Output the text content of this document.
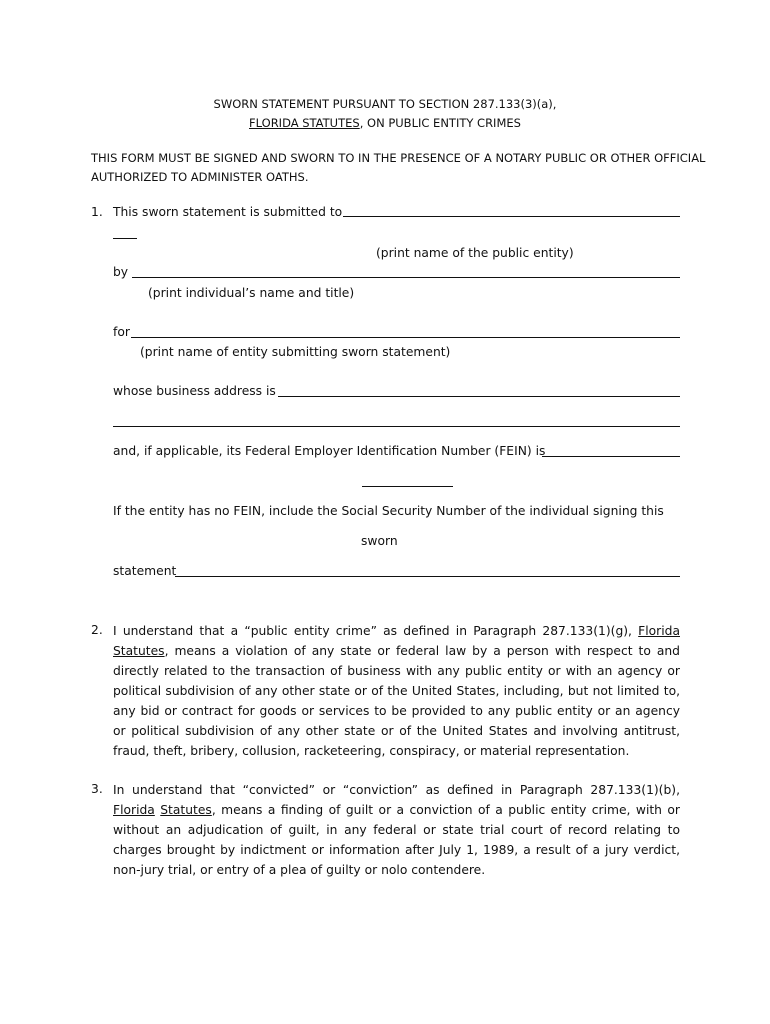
SWORN STATEMENT PURSUANT TO SECTION 287.133(3)(a),
FLORIDA STATUTES, ON PUBLIC ENTITY CRIMES
THIS FORM MUST BE SIGNED AND SWORN TO IN THE PRESENCE OF A NOTARY PUBLIC OR OTHER OFFICIAL
AUTHORIZED TO ADMINISTER OATHS.
1. This sworn statement is submitted to
(print name of the public entity)
by
(print individual’s name and title)
for
(print name of entity submitting sworn statement)
whose business address is
and, if applicable, its Federal Employer Identification Number (FEIN) is
If the entity has no FEIN, include the Social Security Number of the individual signing this
sworn
statement
2. I understand that a “public entity crime” as defined in Paragraph 287.133(1)(g), Florida Statutes, means a violation of any state or federal law by a person with respect to and directly related to the transaction of business with any public entity or with an agency or political subdivision of any other state or of the United States, including, but not limited to, any bid or contract for goods or services to be provided to any public entity or an agency or political subdivision of any other state or of the United States and involving antitrust, fraud, theft, bribery, collusion, racketeering, conspiracy, or material representation.
3. In understand that “convicted” or “conviction” as defined in Paragraph 287.133(1)(b), Florida Statutes, means a finding of guilt or a conviction of a public entity crime, with or without an adjudication of guilt, in any federal or state trial court of record relating to charges brought by indictment or information after July 1, 1989, a result of a jury verdict, non-jury trial, or entry of a plea of guilty or nolo contendere.
